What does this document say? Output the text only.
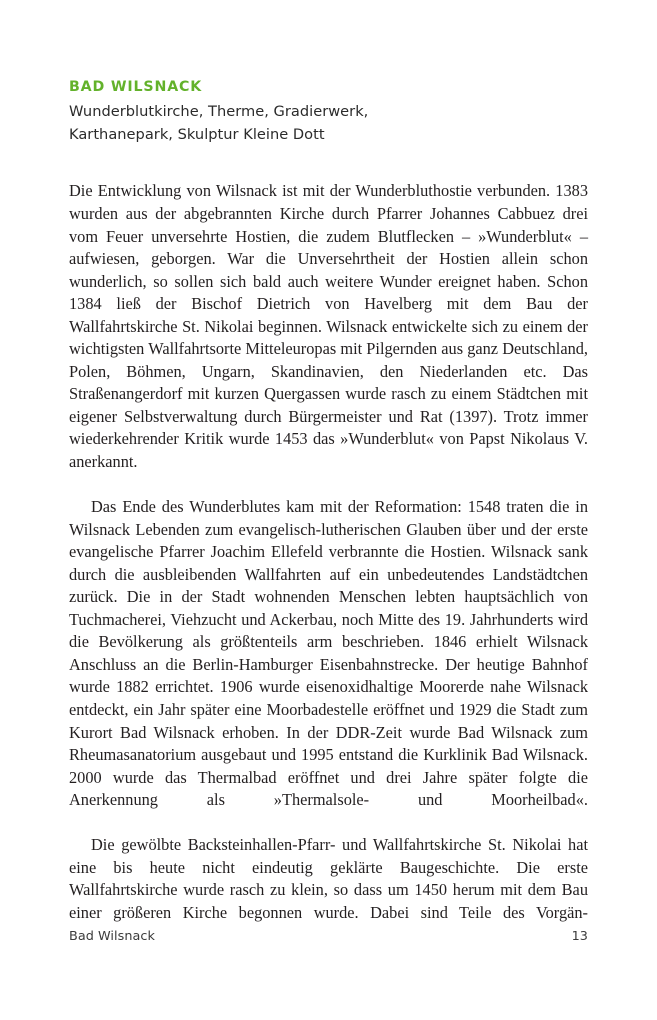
BAD WILSNACK
Wunderblutkirche, Therme, Gradierwerk,
Karthanepark, Skulptur Kleine Dott

Die Entwicklung von Wilsnack ist mit der Wunderbluthostie verbunden. 1383 wurden aus der abgebrannten Kirche durch Pfarrer Johannes Cabbuez drei vom Feuer unversehrte Hostien, die zudem Blutflecken – »Wunderblut« – aufwiesen, geborgen. War die Unversehrtheit der Hostien allein schon wunderlich, so sollen sich bald auch weitere Wunder ereignet haben. Schon 1384 ließ der Bischof Dietrich von Havelberg mit dem Bau der Wallfahrtskirche St. Nikolai beginnen. Wilsnack entwickelte sich zu einem der wichtigsten Wallfahrtsorte Mitteleuropas mit Pilgernden aus ganz Deutschland, Polen, Böhmen, Ungarn, Skandinavien, den Niederlanden etc. Das Straßenangerdorf mit kurzen Quergassen wurde rasch zu einem Städtchen mit eigener Selbstverwaltung durch Bürgermeister und Rat (1397). Trotz immer wiederkehrender Kritik wurde 1453 das »Wunderblut« von Papst Nikolaus V. anerkannt.

Das Ende des Wunderblutes kam mit der Reformation: 1548 traten die in Wilsnack Lebenden zum evangelisch-lutherischen Glauben über und der erste evangelische Pfarrer Joachim Ellefeld verbrannte die Hostien. Wilsnack sank durch die ausbleibenden Wallfahrten auf ein unbedeutendes Landstädtchen zurück. Die in der Stadt wohnenden Menschen lebten hauptsächlich von Tuchmacherei, Viehzucht und Ackerbau, noch Mitte des 19. Jahrhunderts wird die Bevölkerung als größtenteils arm beschrieben. 1846 erhielt Wilsnack Anschluss an die Berlin-Hamburger Eisenbahnstrecke. Der heutige Bahnhof wurde 1882 errichtet. 1906 wurde eisenoxidhaltige Moorerde nahe Wilsnack entdeckt, ein Jahr später eine Moorbadestelle eröffnet und 1929 die Stadt zum Kurort Bad Wilsnack erhoben. In der DDR-Zeit wurde Bad Wilsnack zum Rheumasanatorium ausgebaut und 1995 entstand die Kurklinik Bad Wilsnack. 2000 wurde das Thermalbad eröffnet und drei Jahre später folgte die Anerkennung als »Thermalsole- und Moorheilbad«.

Die gewölbte Backsteinhallen-Pfarr- und Wallfahrtskirche St. Nikolai hat eine bis heute nicht eindeutig geklärte Baugeschichte. Die erste Wallfahrtskirche wurde rasch zu klein, so dass um 1450 herum mit dem Bau einer größeren Kirche begonnen wurde. Dabei sind Teile des Vorgän-

Bad Wilsnack	13
